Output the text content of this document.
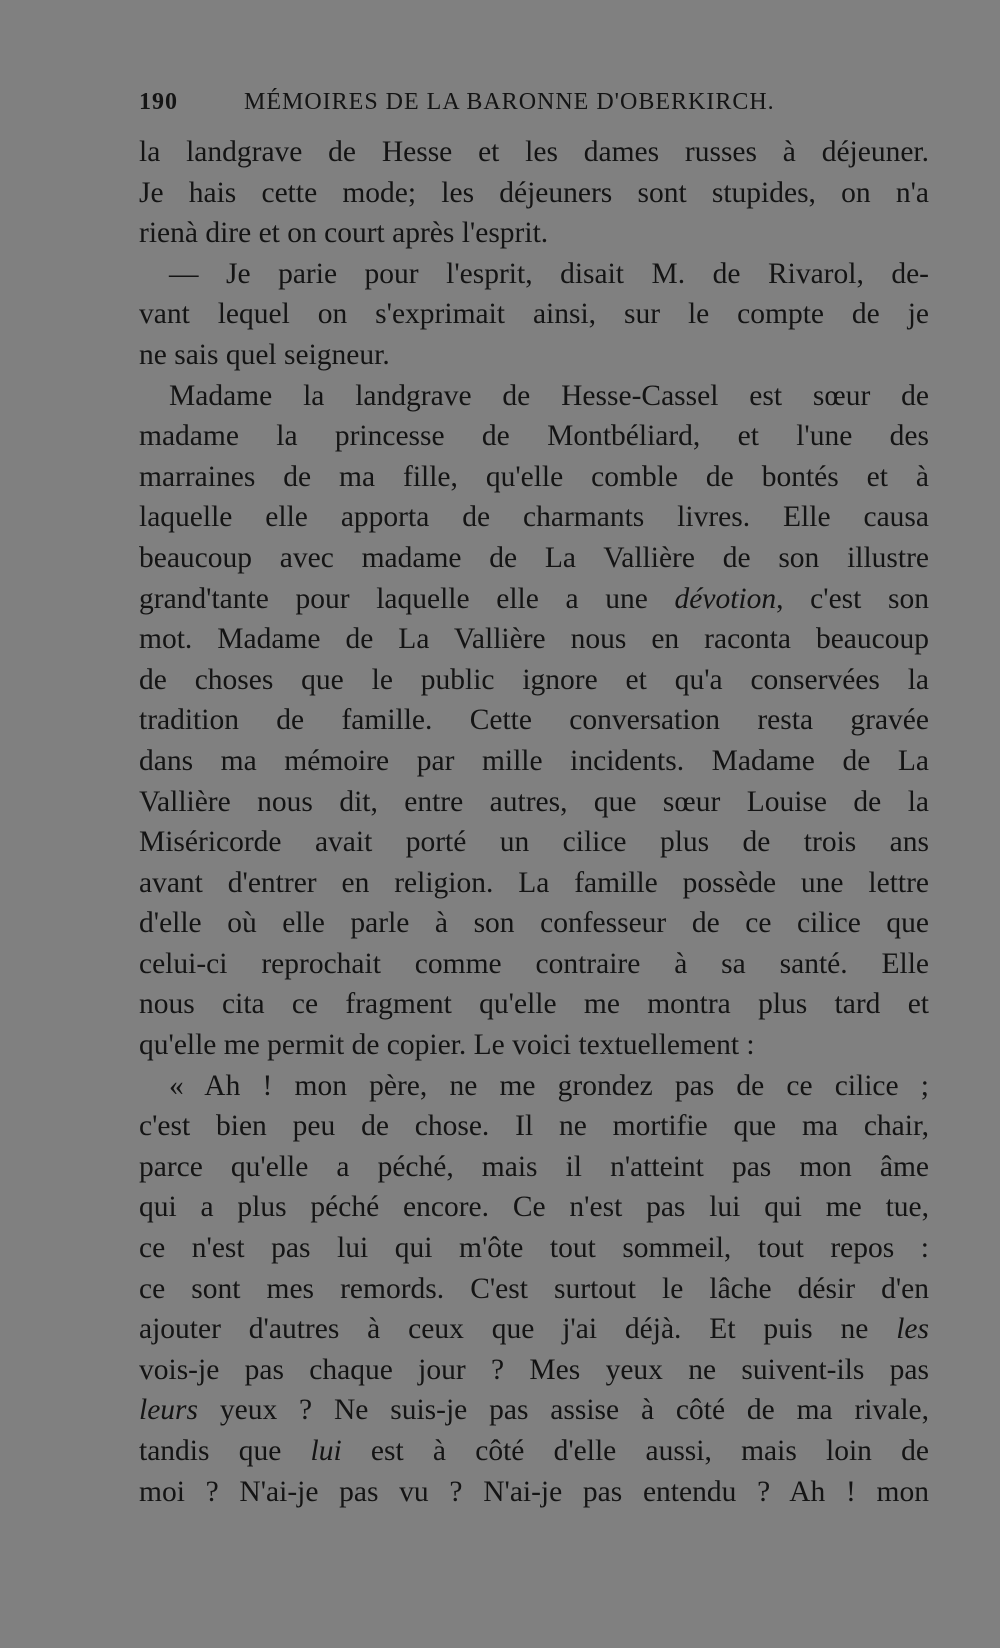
190	MÉMOIRES DE LA BARONNE D'OBERKIRCH.
la landgrave de Hesse et les dames russes à déjeuner.
Je hais cette mode; les déjeuners sont stupides, on n'a
rienà dire et on court après l'esprit.
— Je parie pour l'esprit, disait M. de Rivarol, de-
vant lequel on s'exprimait ainsi, sur le compte de je
ne sais quel seigneur.
Madame la landgrave de Hesse-Cassel est sœur de
madame la princesse de Montbéliard, et l'une des
marraines de ma fille, qu'elle comble de bontés et à
laquelle elle apporta de charmants livres. Elle causa
beaucoup avec madame de La Vallière de son illustre
grand'tante pour laquelle elle a une dévotion, c'est son
mot. Madame de La Vallière nous en raconta beaucoup
de choses que le public ignore et qu'a conservées la
tradition de famille. Cette conversation resta gravée
dans ma mémoire par mille incidents. Madame de La
Vallière nous dit, entre autres, que sœur Louise de la
Miséricorde avait porté un cilice plus de trois ans
avant d'entrer en religion. La famille possède une lettre
d'elle où elle parle à son confesseur de ce cilice que
celui-ci reprochait comme contraire à sa santé. Elle
nous cita ce fragment qu'elle me montra plus tard et
qu'elle me permit de copier. Le voici textuellement :
« Ah ! mon père, ne me grondez pas de ce cilice ;
c'est bien peu de chose. Il ne mortifie que ma chair,
parce qu'elle a péché, mais il n'atteint pas mon âme
qui a plus péché encore. Ce n'est pas lui qui me tue,
ce n'est pas lui qui m'ôte tout sommeil, tout repos :
ce sont mes remords. C'est surtout le lâche désir d'en
ajouter d'autres à ceux que j'ai déjà. Et puis ne les
vois-je pas chaque jour ? Mes yeux ne suivent-ils pas
leurs yeux ? Ne suis-je pas assise à côté de ma rivale,
tandis que lui est à côté d'elle aussi, mais loin de
moi ? N'ai-je pas vu ? N'ai-je pas entendu ? Ah ! mon
